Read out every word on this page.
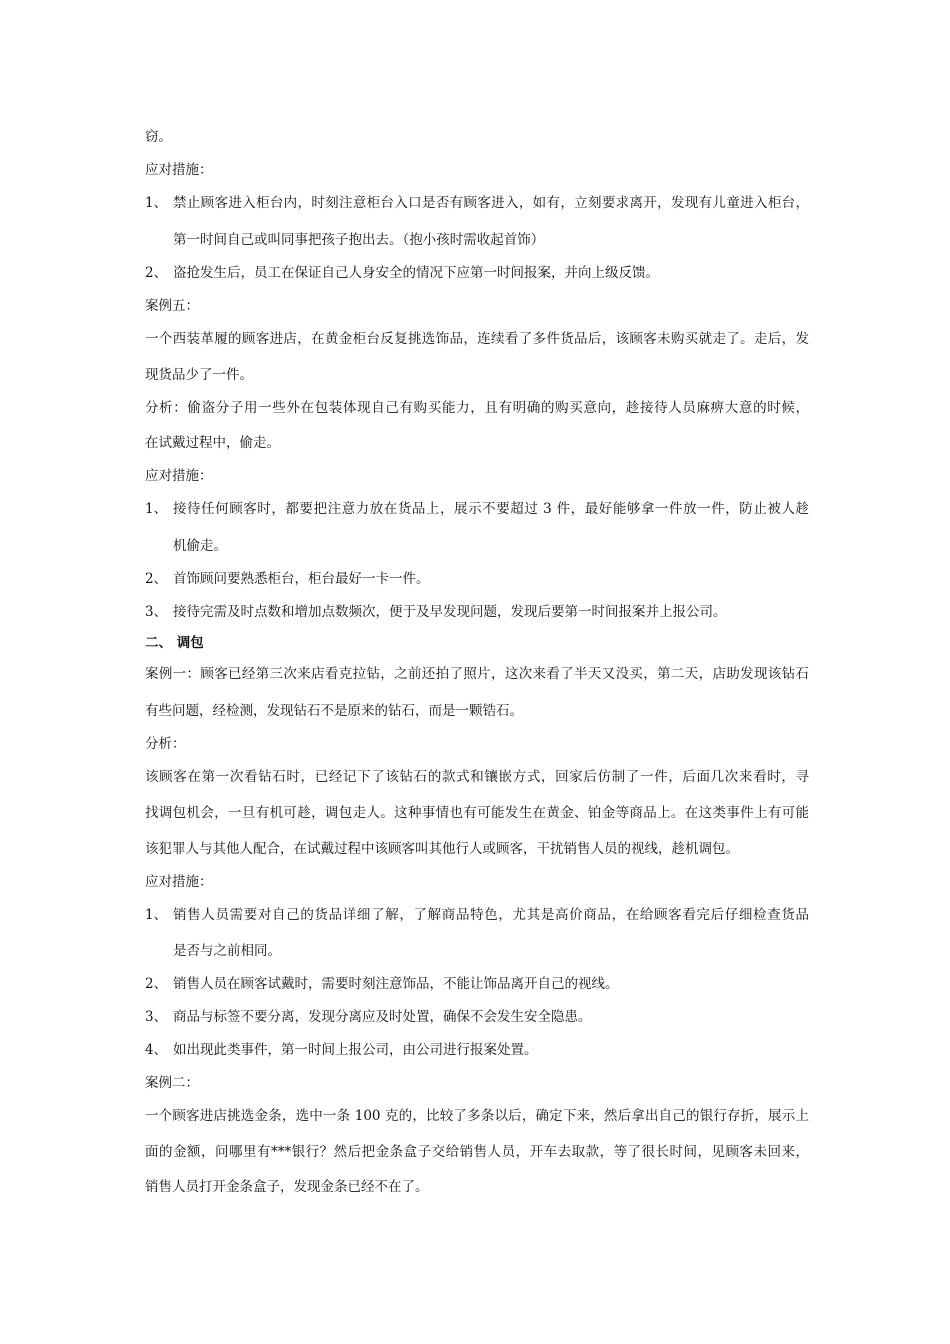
窃。
应对措施：
1、 禁止顾客进入柜台内，时刻注意柜台入口是否有顾客进入，如有，立刻要求离开，发现有儿童进入柜台，
第一时间自己或叫同事把孩子抱出去。（抱小孩时需收起首饰）
2、 盗抢发生后，员工在保证自己人身安全的情况下应第一时间报案，并向上级反馈。
案例五：
一个西装革履的顾客进店，在黄金柜台反复挑选饰品，连续看了多件货品后，该顾客未购买就走了。走后，发
现货品少了一件。
分析：偷盗分子用一些外在包装体现自己有购买能力，且有明确的购买意向，趁接待人员麻痹大意的时候，
在试戴过程中，偷走。
应对措施：
1、 接待任何顾客时，都要把注意力放在货品上，展示不要超过 3 件，最好能够拿一件放一件，防止被人趁
机偷走。
2、 首饰顾问要熟悉柜台，柜台最好一卡一件。
3、 接待完需及时点数和增加点数频次，便于及早发现问题，发现后要第一时间报案并上报公司。
二、 调包
案例一：顾客已经第三次来店看克拉钻，之前还拍了照片，这次来看了半天又没买，第二天，店助发现该钻石
有些问题，经检测，发现钻石不是原来的钻石，而是一颗锆石。
分析：
该顾客在第一次看钻石时，已经记下了该钻石的款式和镶嵌方式，回家后仿制了一件，后面几次来看时，寻
找调包机会，一旦有机可趁，调包走人。这种事情也有可能发生在黄金、铂金等商品上。在这类事件上有可能
该犯罪人与其他人配合，在试戴过程中该顾客叫其他行人或顾客，干扰销售人员的视线，趁机调包。
应对措施：
1、 销售人员需要对自己的货品详细了解，了解商品特色，尤其是高价商品，在给顾客看完后仔细检查货品
是否与之前相同。
2、 销售人员在顾客试戴时，需要时刻注意饰品，不能让饰品离开自己的视线。
3、 商品与标签不要分离，发现分离应及时处置，确保不会发生安全隐患。
4、 如出现此类事件，第一时间上报公司，由公司进行报案处置。
案例二：
一个顾客进店挑选金条，选中一条 100 克的，比较了多条以后，确定下来，然后拿出自己的银行存折，展示上
面的金额，问哪里有***银行？然后把金条盒子交给销售人员，开车去取款，等了很长时间，见顾客未回来，
销售人员打开金条盒子，发现金条已经不在了。
